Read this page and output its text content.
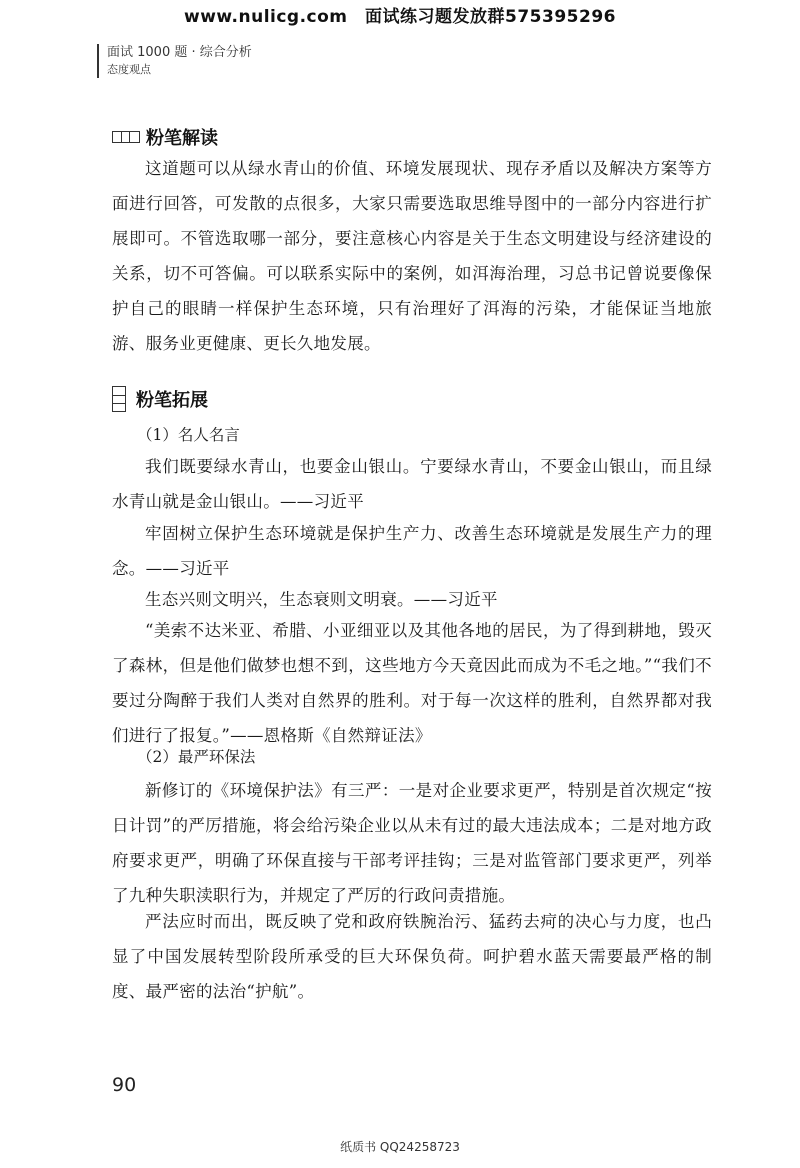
www.nulicg.com　面试练习题发放群575395296
面试 1000 题 · 综合分析
态度观点
粉笔解读

这道题可以从绿水青山的价值、环境发展现状、现存矛盾以及解决方案等方面进行回答，可发散的点很多，大家只需要选取思维导图中的一部分内容进行扩展即可。不管选取哪一部分，要注意核心内容是关于生态文明建设与经济建设的关系，切不可答偏。可以联系实际中的案例，如洱海治理，习总书记曾说要像保护自己的眼睛一样保护生态环境，只有治理好了洱海的污染，才能保证当地旅游、服务业更健康、更长久地发展。

粉笔拓展

（1）名人名言

我们既要绿水青山，也要金山银山。宁要绿水青山，不要金山银山，而且绿水青山就是金山银山。——习近平

牢固树立保护生态环境就是保护生产力、改善生态环境就是发展生产力的理念。——习近平

生态兴则文明兴，生态衰则文明衰。——习近平

“美索不达米亚、希腊、小亚细亚以及其他各地的居民，为了得到耕地，毁灭了森林，但是他们做梦也想不到，这些地方今天竟因此而成为不毛之地。”“我们不要过分陶醉于我们人类对自然界的胜利。对于每一次这样的胜利，自然界都对我们进行了报复。”——恩格斯《自然辩证法》

（2）最严环保法

新修订的《环境保护法》有三严：一是对企业要求更严，特别是首次规定“按日计罚”的严厉措施，将会给污染企业以从未有过的最大违法成本；二是对地方政府要求更严，明确了环保直接与干部考评挂钩；三是对监管部门要求更严，列举了九种失职渎职行为，并规定了严厉的行政问责措施。

严法应时而出，既反映了党和政府铁腕治污、猛药去疴的决心与力度，也凸显了中国发展转型阶段所承受的巨大环保负荷。呵护碧水蓝天需要最严格的制度、最严密的法治“护航”。

90
纸质书 QQ24258723
